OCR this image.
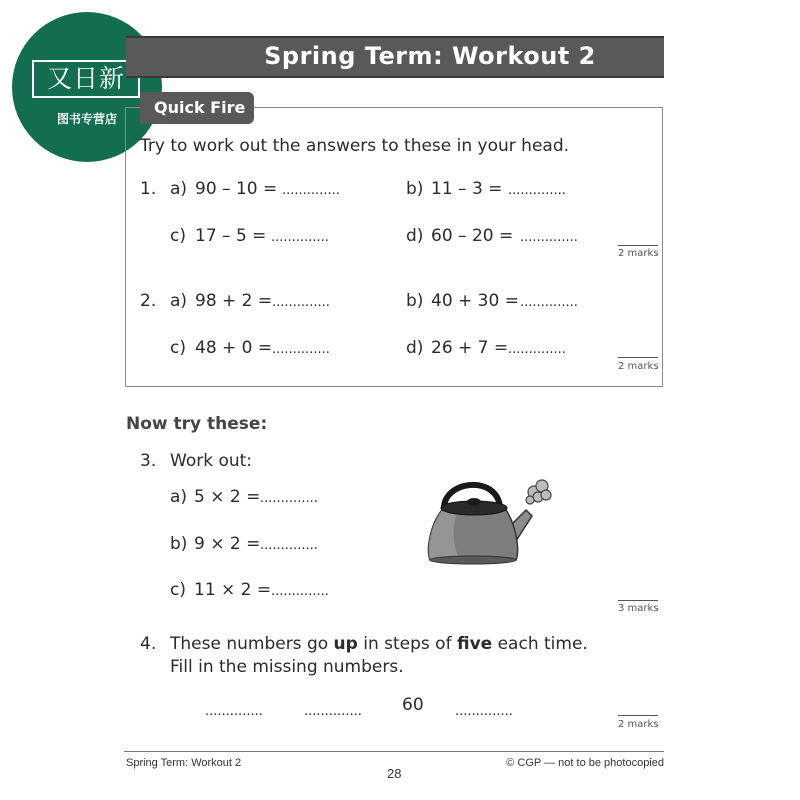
又日新
图书专营店
Spring Term: Workout 2
Quick Fire
Try to work out the answers to these in your head.
1. a) 90 – 10 = ..............	b) 11 – 3 = ..............
c) 17 – 5 = ..............	d) 60 – 20 = ..............
2 marks
2. a) 98 + 2 = ..............	b) 40 + 30 = ..............
c) 48 + 0 = ..............	d) 26 + 7 = ..............
2 marks
Now try these:
3. Work out:
a) 5 × 2 = ..............
b) 9 × 2 = ..............
c) 11 × 2 = ..............
3 marks
4. These numbers go up in steps of five each time.
Fill in the missing numbers.
..............	.............. 60 ..............
2 marks
Spring Term: Workout 2
28
© CGP — not to be photocopied
